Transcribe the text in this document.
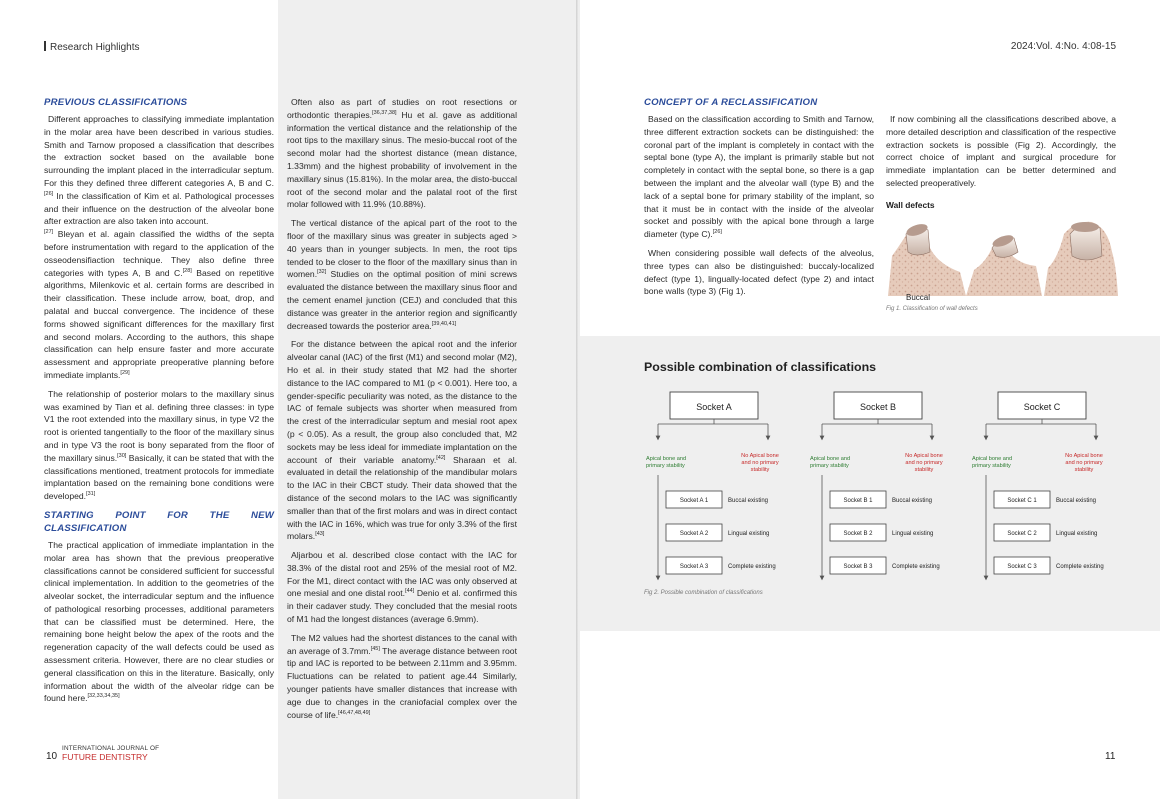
Research Highlights	2024:Vol. 4:No. 4:08-15
PREVIOUS CLASSIFICATIONS

Different approaches to classifying immediate implantation in the molar area have been described in various studies. Smith and Tarnow proposed a classification that describes the extraction socket based on the available bone surrounding the implant placed in the interradicular septum. For this they defined three different categories A, B and C.[26] In the classification of Kim et al. Pathological processes and their influence on the destruction of the alveolar bone after extraction are also taken into account.
[27] Bleyan et al. again classified the widths of the septa before instrumentation with regard to the application of the osseodensifiaction technique. They also define three categories with types A, B and C.[28] Based on repetitive algorithms, Milenkovic et al. certain forms are described in their classification. These include arrow, boat, drop, and palatal and buccal convergence. The incidence of these forms showed significant differences for the maxillary first and second molars. According to the authors, this shape classification can help ensure faster and more accurate assessment and appropriate preoperative planning before immediate implants.[29]

The relationship of posterior molars to the maxillary sinus was examined by Tian et al. defining three classes: in type V1 the root extended into the maxillary sinus, in type V2 the root is oriented tangentially to the floor of the maxillary sinus and in type V3 the root is bony separated from the floor of the maxillary sinus.[30] Basically, it can be stated that with the classifications mentioned, treatment protocols for immediate implantation based on the remaining bone conditions were developed.[31]

STARTING POINT FOR THE NEW CLASSIFICATION

The practical application of immediate implantation in the molar area has shown that the previous preoperative classifications cannot be considered sufficient for successful clinical implementation. In addition to the geometries of the alveolar socket, the interradicular septum and the influence of pathological resorbing processes, additional parameters that can be classified must be determined. Here, the remaining bone height below the apex of the roots and the regeneration capacity of the wall defects could be used as assessment criteria. However, there are no clear studies or general classification on this in the literature. Basically, only information about the width of the alveolar ridge can be found here.[32,33,34,35]

Often also as part of studies on root resections or orthodontic therapies.[36,37,38] Hu et al. gave as additional information the vertical distance and the relationship of the root tips to the maxillary sinus. The mesio-buccal root of the second molar had the shortest distance (mean distance, 1.33mm) and the highest probability of involvement in the maxillary sinus (15.81%). In the molar area, the disto-buccal root of the second molar and the palatal root of the first molar followed with 11.9% (10.88%).

The vertical distance of the apical part of the root to the floor of the maxillary sinus was greater in subjects aged > 40 years than in younger subjects. In men, the root tips tended to be closer to the floor of the maxillary sinus than in women.[32] Studies on the optimal position of mini screws evaluated the distance between the maxillary sinus floor and the cement enamel junction (CEJ) and concluded that this distance was greater in the anterior region and significantly decreased towards the posterior area.[39,40,41]

For the distance between the apical root and the inferior alveolar canal (IAC) of the first (M1) and second molar (M2), Ho et al. in their study stated that M2 had the shorter distance to the IAC compared to M1 (p < 0.001). Here too, a gender-specific peculiarity was noted, as the distance to the IAC of female subjects was shorter when measured from the crest of the interradicular septum and mesial root apex (p < 0.05). As a result, the group also concluded that, M2 sockets may be less ideal for immediate implantation on the account of their variable anatomy.[42] Sharaan et al. evaluated in detail the relationship of the mandibular molars to the IAC in their CBCT study. Their data showed that the distance of the second molars to the IAC was significantly smaller than that of the first molars and was in direct contact with the IAC in 16%, which was true for only 3.3% of the first molars.[43]

Aljarbou et al. described close contact with the IAC for 38.3% of the distal root and 25% of the mesial root of M2. For the M1, direct contact with the IAC was only observed at one mesial and one distal root.[44] Denio et al. confirmed this in their cadaver study. They concluded that the mesial roots of M1 had the longest distances (average 6.9mm).

The M2 values had the shortest distances to the canal with an average of 3.7mm.[45] The average distance between root tip and IAC is reported to be between 2.11mm and 3.95mm. Fluctuations can be related to patient age.44 Similarly, younger patients have smaller distances that increase with age due to changes in the craniofacial complex over the course of life.[46,47,48,49]

CONCEPT OF A RECLASSIFICATION

Based on the classification according to Smith and Tarnow, three different extraction sockets can be distinguished: the coronal part of the implant is completely in contact with the septal bone (type A), the implant is primarily stable but not completely in contact with the septal bone, so there is a gap between the implant and the alveolar wall (type B) and the lack of a septal bone for primary stability of the implant, so that it must be in contact with the inside of the alveolar socket and possibly with the apical bone through a large diameter (type C).[26]

When considering possible wall defects of the alveolus, three types can also be distinguished: buccaly-localized defect (type 1), lingually-located defect (type 2) and intact bone walls (type 3) (Fig 1).

If now combining all the classifications described above, a more detailed description and classification of the respective extraction sockets is possible (Fig 2). Accordingly, the correct choice of implant and surgical procedure for immediate implantation can be better determined and selected preoperatively.

Wall defects
Buccal
Fig 1. Classification of wall defects
Possible combination of classifications
Socket A
Apical bone and
primary stability
No Apical bone
and no primary
stability
Socket A 1	Buccal existing
Socket A 2	Lingual existing
Socket A 3	Complete existing
Socket B
Apical bone and
primary stability
No Apical bone
and no primary
stability
Socket B 1	Buccal existing
Socket B 2	Lingual existing
Socket B 3	Complete existing
Socket C
Apical bone and
primary stability
No Apical bone
and no primary
stability
Socket C 1	Buccal existing
Socket C 2	Lingual existing
Socket C 3	Complete existing
Fig 2. Possible combination of classifications
10
INTERNATIONAL JOURNAL OF
FUTURE DENTISTRY	11
